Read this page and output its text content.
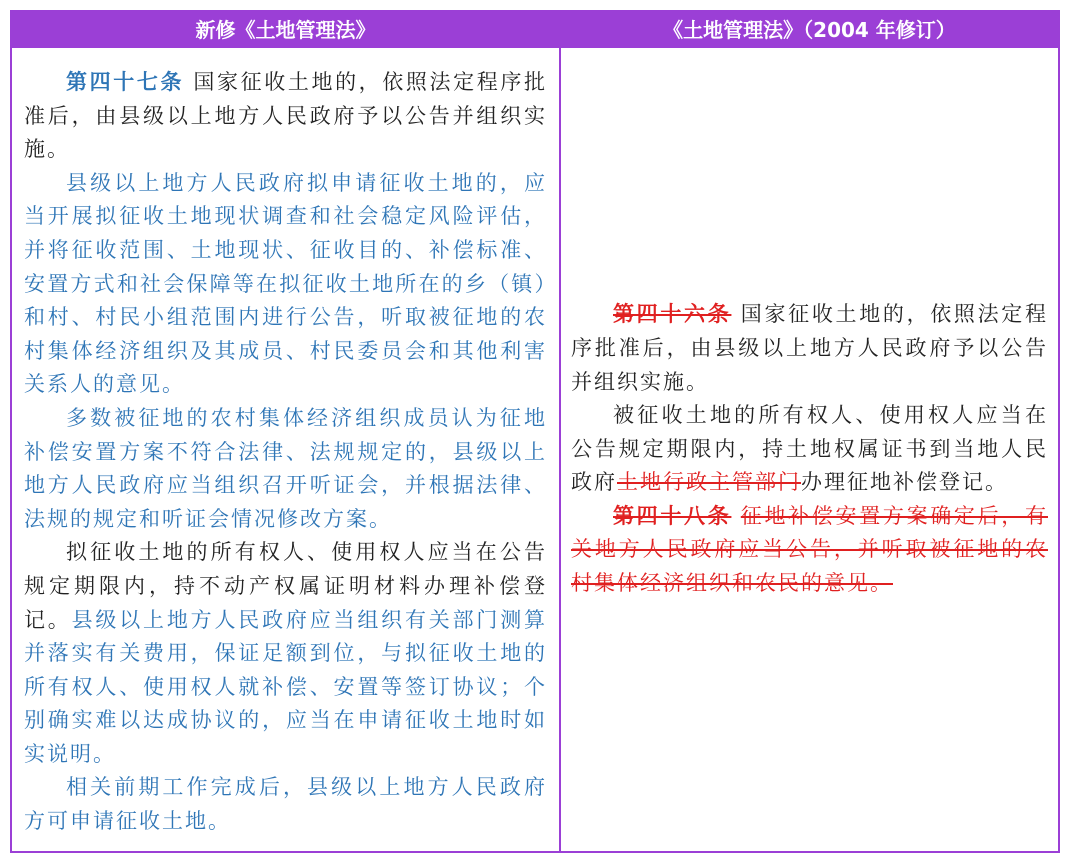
新修《土地管理法》	《土地管理法》（2004 年修订）

第四十七条 国家征收土地的，依照法定程序批准后，由县级以上地方人民政府予以公告并组织实施。

县级以上地方人民政府拟申请征收土地的，应当开展拟征收土地现状调查和社会稳定风险评估，并将征收范围、土地现状、征收目的、补偿标准、安置方式和社会保障等在拟征收土地所在的乡（镇）和村、村民小组范围内进行公告，听取被征地的农村集体经济组织及其成员、村民委员会和其他利害关系人的意见。

多数被征地的农村集体经济组织成员认为征地补偿安置方案不符合法律、法规规定的，县级以上地方人民政府应当组织召开听证会，并根据法律、法规的规定和听证会情况修改方案。

拟征收土地的所有权人、使用权人应当在公告规定期限内，持不动产权属证明材料办理补偿登记。县级以上地方人民政府应当组织有关部门测算并落实有关费用，保证足额到位，与拟征收土地的所有权人、使用权人就补偿、安置等签订协议；个别确实难以达成协议的，应当在申请征收土地时如实说明。

相关前期工作完成后，县级以上地方人民政府方可申请征收土地。

第四十六条 国家征收土地的，依照法定程序批准后，由县级以上地方人民政府予以公告并组织实施。

被征收土地的所有权人、使用权人应当在公告规定期限内，持土地权属证书到当地人民政府土地行政主管部门办理征地补偿登记。

第四十八条 征地补偿安置方案确定后，有关地方人民政府应当公告，并听取被征地的农村集体经济组织和农民的意见。
